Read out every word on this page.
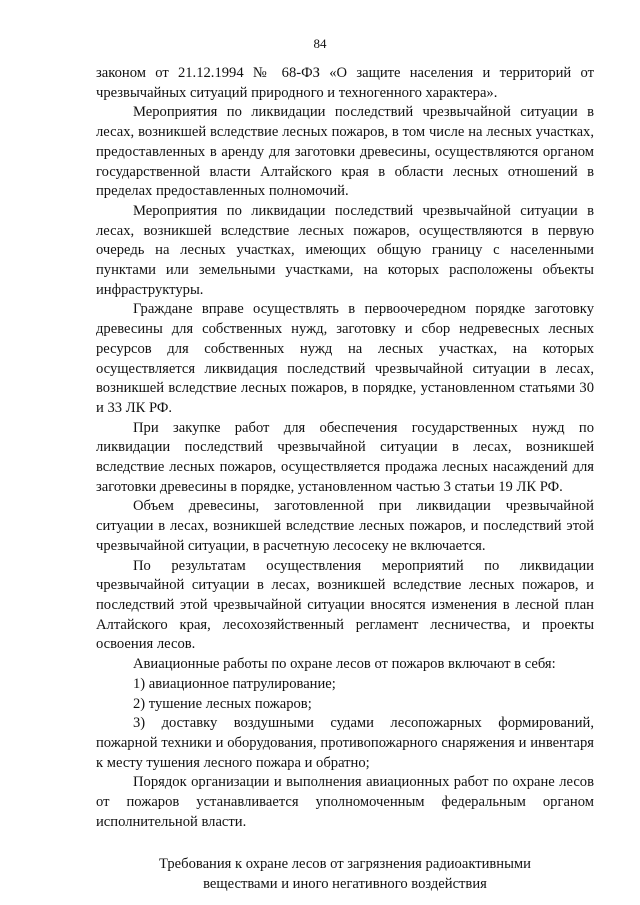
84

законом от 21.12.1994 № 68-ФЗ «О защите населения и территорий от чрезвычайных ситуаций природного и техногенного характера».

Мероприятия по ликвидации последствий чрезвычайной ситуации в лесах, возникшей вследствие лесных пожаров, в том числе на лесных участках, предоставленных в аренду для заготовки древесины, осуществляются органом государственной власти Алтайского края в области лесных отношений в пределах предоставленных полномочий.

Мероприятия по ликвидации последствий чрезвычайной ситуации в лесах, возникшей вследствие лесных пожаров, осуществляются в первую очередь на лесных участках, имеющих общую границу с населенными пунктами или земельными участками, на которых расположены объекты инфраструктуры.

Граждане вправе осуществлять в первоочередном порядке заготовку древесины для собственных нужд, заготовку и сбор недревесных лесных ресурсов для собственных нужд на лесных участках, на которых осуществляется ликвидация последствий чрезвычайной ситуации в лесах, возникшей вследствие лесных пожаров, в порядке, установленном статьями 30 и 33 ЛК РФ.

При закупке работ для обеспечения государственных нужд по ликвидации последствий чрезвычайной ситуации в лесах, возникшей вследствие лесных пожаров, осуществляется продажа лесных насаждений для заготовки древесины в порядке, установленном частью 3 статьи 19 ЛК РФ.

Объем древесины, заготовленной при ликвидации чрезвычайной ситуации в лесах, возникшей вследствие лесных пожаров, и последствий этой чрезвычайной ситуации, в расчетную лесосеку не включается.

По результатам осуществления мероприятий по ликвидации чрезвычайной ситуации в лесах, возникшей вследствие лесных пожаров, и последствий этой чрезвычайной ситуации вносятся изменения в лесной план Алтайского края, лесохозяйственный регламент лесничества, и проекты освоения лесов.

Авиационные работы по охране лесов от пожаров включают в себя:

1) авиационное патрулирование;

2) тушение лесных пожаров;

3) доставку воздушными судами лесопожарных формирований, пожарной техники и оборудования, противопожарного снаряжения и инвентаря к месту тушения лесного пожара и обратно;

Порядок организации и выполнения авиационных работ по охране лесов от пожаров устанавливается уполномоченным федеральным органом исполнительной власти.

Требования к охране лесов от загрязнения радиоактивными
веществами и иного негативного воздействия
